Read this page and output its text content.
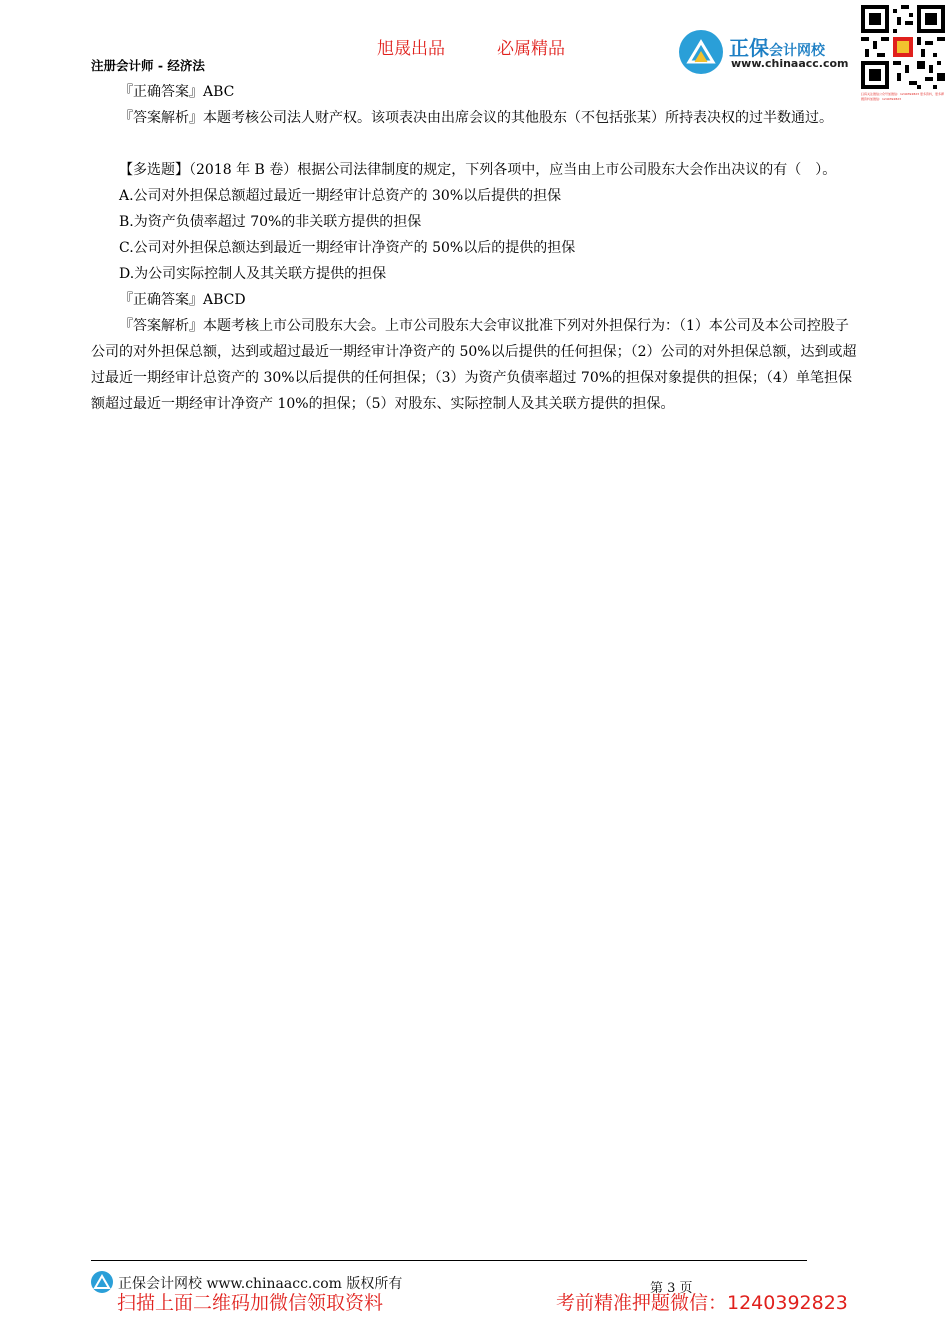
旭晟出品	必属精品
注册会计师 - 经济法
正保会计网校
www.chinaacc.com
扫码关注微信公众号加微信：1240392823 更多资料，更多押题资料加微信：1240392823

『正确答案』ABC

『答案解析』本题考核公司法人财产权。该项表决由出席会议的其他股东（不包括张某）所持表决权的过半数通过。

【多选题】（2018 年 B 卷）根据公司法律制度的规定，下列各项中，应当由上市公司股东大会作出决议的有（　）。

A.公司对外担保总额超过最近一期经审计总资产的 30%以后提供的担保

B.为资产负债率超过 70%的非关联方提供的担保

C.公司对外担保总额达到最近一期经审计净资产的 50%以后的提供的担保

D.为公司实际控制人及其关联方提供的担保

『正确答案』ABCD

『答案解析』本题考核上市公司股东大会。上市公司股东大会审议批准下列对外担保行为：（1）本公司及本公司控股子公司的对外担保总额，达到或超过最近一期经审计净资产的 50%以后提供的任何担保；（2）公司的对外担保总额，达到或超过最近一期经审计总资产的 30%以后提供的任何担保；（3）为资产负债率超过 70%的担保对象提供的担保；（4）单笔担保额超过最近一期经审计净资产 10%的担保；（5）对股东、实际控制人及其关联方提供的担保。

正保会计网校 www.chinaacc.com 版权所有	第 3 页
扫描上面二维码加微信领取资料	考前精准押题微信：1240392823
